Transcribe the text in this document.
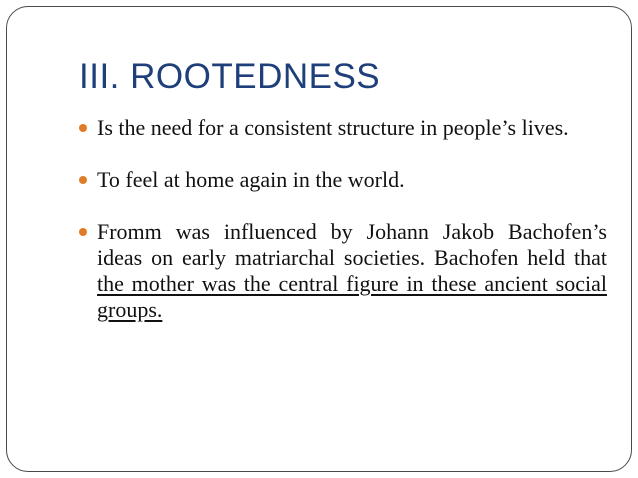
III. ROOTEDNESS
Is the need for a consistent structure in people’s lives.
To feel at home again in the world.
Fromm was influenced by Johann Jakob Bachofen’s ideas on early matriarchal societies. Bachofen held that the mother was the central figure in these ancient social groups.
